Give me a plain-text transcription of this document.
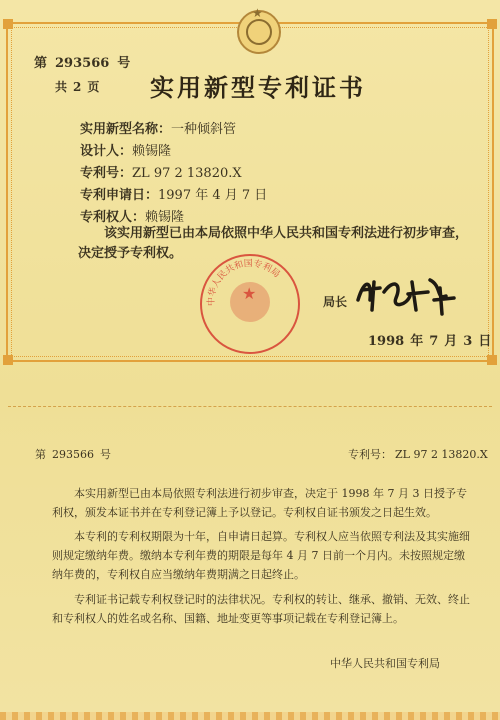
★
第 293566 号
共 2 页 实用新型专利证书
实用新型名称：一种倾斜管
设计人：赖锡隆
专利号：ZL 97 2 13820.X
专利申请日：1997 年 4 月 7 日
专利权人：赖锡隆
该实用新型已由本局依照中华人民共和国专利法进行初步审查，决定授予专利权。
中华人民共和国专利局
★	局长
1998 年 7 月 3 日
第 293566 号	专利号： ZL 97 2 13820.X
本实用新型已由本局依照专利法进行初步审查，决定于 1998 年 7 月 3 日授予专利权，颁发本证书并在专利登记簿上予以登记。专利权自证书颁发之日起生效。
本专利的专利权期限为十年，自申请日起算。专利权人应当依照专利法及其实施细则规定缴纳年费。缴纳本专利年费的期限是每年 4 月 7 日前一个月内。未按照规定缴纳年费的，专利权自应当缴纳年费期满之日起终止。
专利证书记载专利权登记时的法律状况。专利权的转让、继承、撤销、无效、终止和专利权人的姓名或名称、国籍、地址变更等事项记载在专利登记簿上。
中华人民共和国专利局
